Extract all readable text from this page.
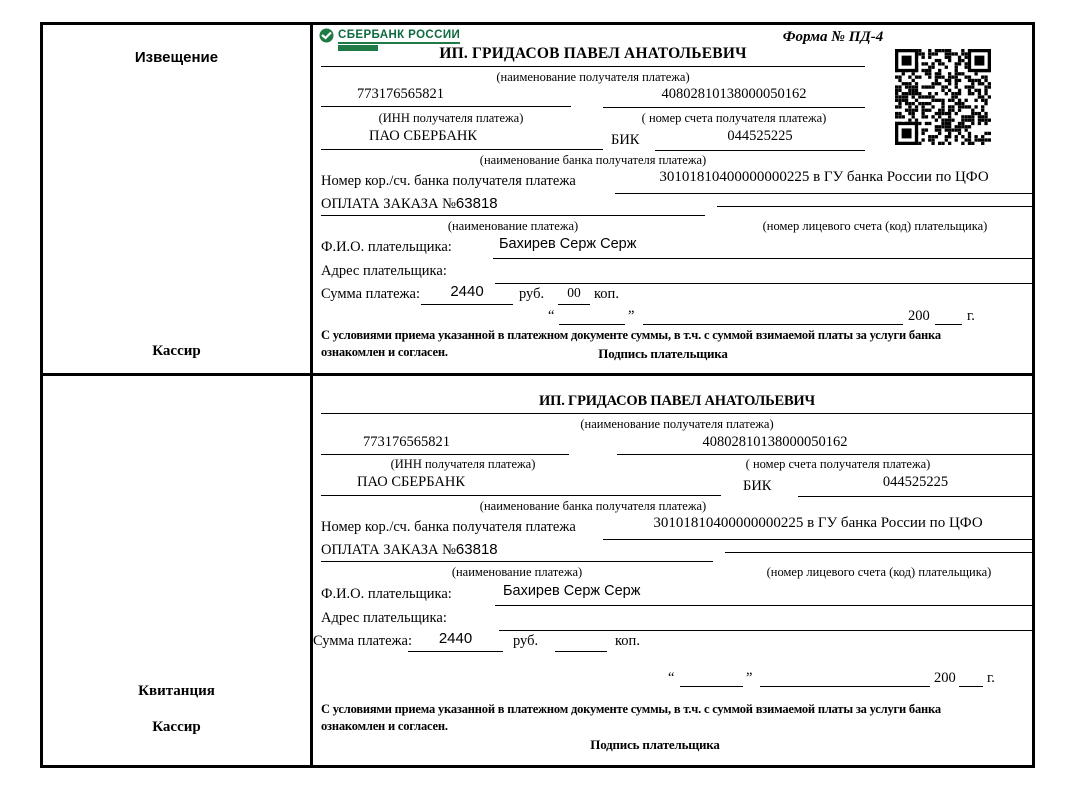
Извещение
Кассир
Квитанция
Кассир
СБЕРБАНК РОССИИ	Форма № ПД-4
ИП. ГРИДАСОВ ПАВЕЛ АНАТОЛЬЕВИЧ
(наименование получателя платежа)
773176565821	40802810138000050162
(ИНН получателя платежа)	( номер счета получателя платежа)
ПАО СБЕРБАНК	БИК	044525225
(наименование банка получателя платежа)
Номер кор./сч. банка получателя платежа	30101810400000000225 в ГУ банка России по ЦФО
ОПЛАТА ЗАКАЗА №63818
(наименование платежа)	(номер лицевого счета (код) плательщика)
Ф.И.О. плательщика:	Бахирев Серж Серж
Адрес плательщика:
Сумма платежа:	2440	руб.	00 коп.
“	”	200	г.
С условиями приема указанной в платежном документе суммы, в т.ч. с суммой взимаемой платы за услуги банка
ознакомлен и согласен.	Подпись плательщика
ИП. ГРИДАСОВ ПАВЕЛ АНАТОЛЬЕВИЧ
(наименование получателя платежа)
773176565821	40802810138000050162
(ИНН получателя платежа)	( номер счета получателя платежа)
ПАО СБЕРБАНК	БИК	044525225
(наименование банка получателя платежа)
Номер кор./сч. банка получателя платежа	30101810400000000225 в ГУ банка России по ЦФО
ОПЛАТА ЗАКАЗА №63818
(наименование платежа)	(номер лицевого счета (код) плательщика)
Ф.И.О. плательщика:	Бахирев Серж Серж
Адрес плательщика:
Сумма платежа:	2440	руб.	коп.
“	”	200 г.
С условиями приема указанной в платежном документе суммы, в т.ч. с суммой взимаемой платы за услуги банка
ознакомлен и согласен.
Подпись плательщика
